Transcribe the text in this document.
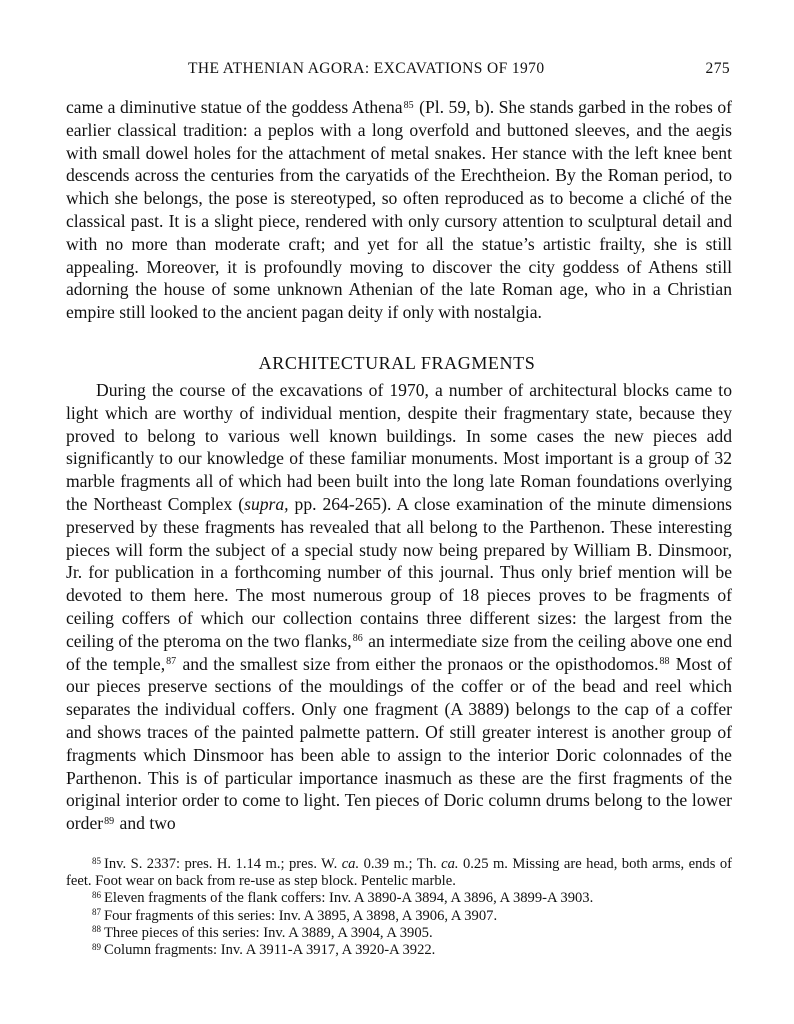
THE ATHENIAN AGORA: EXCAVATIONS OF 1970	275

came a diminutive statue of the goddess Athena$^{85}$ (Pl. 59, b). She stands garbed in the robes of earlier classical tradition: a peplos with a long overfold and buttoned sleeves, and the aegis with small dowel holes for the attachment of metal snakes. Her stance with the left knee bent descends across the centuries from the caryatids of the Erechtheion. By the Roman period, to which she belongs, the pose is stereotyped, so often reproduced as to become a cliché of the classical past. It is a slight piece, rendered with only cursory attention to sculptural detail and with no more than moderate craft; and yet for all the statue’s artistic frailty, she is still appealing. Moreover, it is profoundly moving to discover the city goddess of Athens still adorning the house of some unknown Athenian of the late Roman age, who in a Christian empire still looked to the ancient pagan deity if only with nostalgia.

ARCHITECTURAL FRAGMENTS

During the course of the excavations of 1970, a number of architectural blocks came to light which are worthy of individual mention, despite their fragmentary state, because they proved to belong to various well known buildings. In some cases the new pieces add significantly to our knowledge of these familiar monuments. Most important is a group of 32 marble fragments all of which had been built into the long late Roman foundations overlying the Northeast Complex (supra, pp. 264-265). A close examination of the minute dimensions preserved by these fragments has revealed that all belong to the Parthenon. These interesting pieces will form the subject of a special study now being prepared by William B. Dinsmoor, Jr. for publication in a forthcoming number of this journal. Thus only brief mention will be devoted to them here. The most numerous group of 18 pieces proves to be fragments of ceiling coffers of which our collection contains three different sizes: the largest from the ceiling of the pteroma on the two flanks,$^{86}$ an intermediate size from the ceiling above one end of the temple,$^{87}$ and the smallest size from either the pronaos or the opisthodomos.$^{88}$ Most of our pieces preserve sections of the mouldings of the coffer or of the bead and reel which separates the individual coffers. Only one fragment (A 3889) belongs to the cap of a coffer and shows traces of the painted palmette pattern. Of still greater interest is another group of fragments which Dinsmoor has been able to assign to the interior Doric colonnades of the Parthenon. This is of particular importance inasmuch as these are the first fragments of the original interior order to come to light. Ten pieces of Doric column drums belong to the lower order$^{89}$ and two

$^{85}$ Inv. S. 2337: pres. H. 1.14 m.; pres. W. ca. 0.39 m.; Th. ca. 0.25 m. Missing are head, both arms, ends of feet. Foot wear on back from re-use as step block. Pentelic marble.

$^{86}$ Eleven fragments of the flank coffers: Inv. A 3890-A 3894, A 3896, A 3899-A 3903.

$^{87}$ Four fragments of this series: Inv. A 3895, A 3898, A 3906, A 3907.

$^{88}$ Three pieces of this series: Inv. A 3889, A 3904, A 3905.

$^{89}$ Column fragments: Inv. A 3911-A 3917, A 3920-A 3922.
